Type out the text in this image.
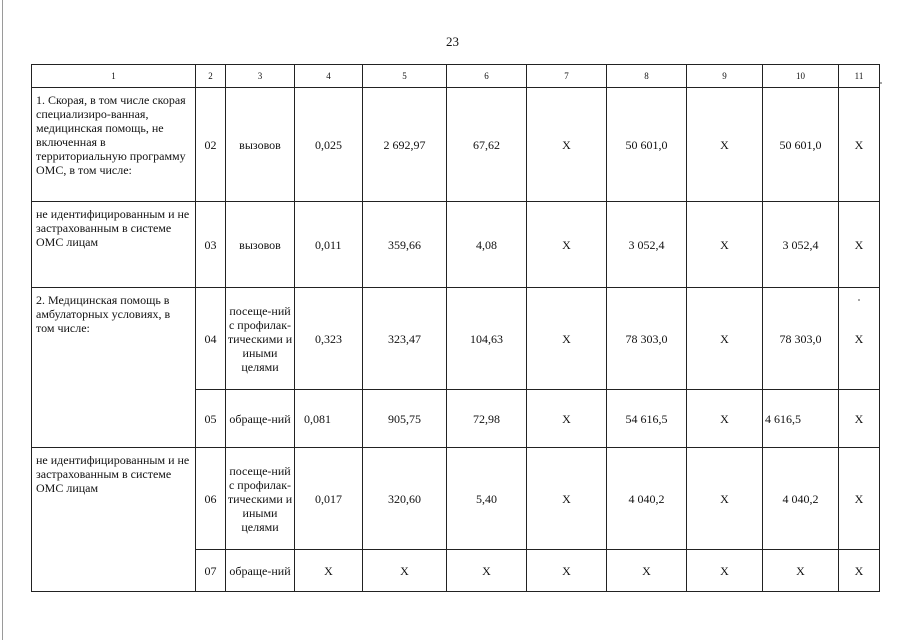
23
1	2	3	4	5	6	7	8	9	10	11
1. Скорая, в том числе скорая специализиро-ванная, медицинская помощь, не включенная в территориальную программу ОМС, в том числе:	02	вызовов	0,025	2 692,97	67,62	X	50 601,0	X	50 601,0	X
не идентифицированным и не застрахованным в системе ОМС лицам	03	вызовов	0,011	359,66	4,08	X	3 052,4	X	3 052,4	X
2. Медицинская помощь в амбулаторных условиях, в том числе:	04	посеще-ний с профилак-тическими и иными целями	0,323	323,47	104,63	X	78 303,0	X	78 303,0	X
	05	обраще-ний	0,081	905,75	72,98	X	54 616,5	X	4 616,5	X
не идентифицированным и не застрахованным в системе ОМС лицам	06	посеще-ний с профилак-тическими и иными целями	0,017	320,60	5,40	X	4 040,2	X	4 040,2	X
	07	обраще-ний	X	X	X	X	X	X	X	X
